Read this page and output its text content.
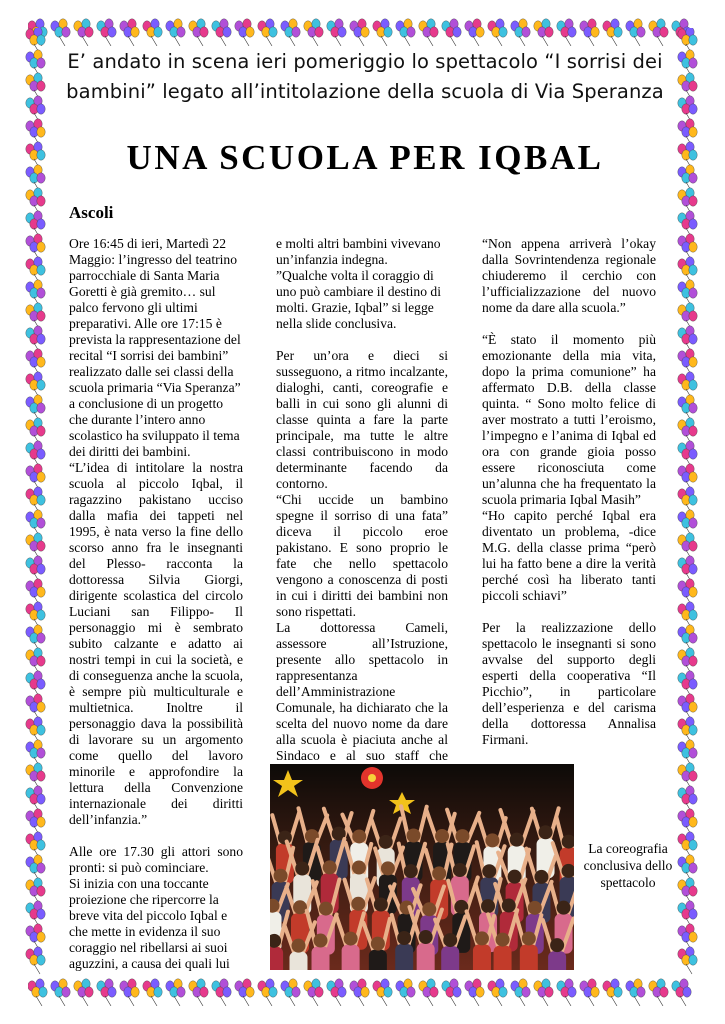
E’ andato in scena ieri pomeriggio lo spettacolo “I sorrisi dei
bambini” legato all’intitolazione della scuola di Via Speranza
UNA SCUOLA PER IQBAL
Ascoli

Ore 16:45 di ieri, Martedì 22 Maggio: l’ingresso del teatrino parrocchiale di Santa Maria Goretti è già gremito… sul palco fervono gli ultimi preparativi. Alle ore 17:15 è prevista la rappresentazione del recital “I sorrisi dei bambini” realizzato dalle sei classi della scuola primaria “Via Speranza” a conclusione di un progetto che durante l’intero anno scolastico ha sviluppato il tema dei diritti dei bambini.

“L’idea di intitolare la nostra scuola al piccolo Iqbal, il ragazzino pakistano ucciso dalla mafia dei tappeti nel 1995, è nata verso la fine dello scorso anno fra le insegnanti del Plesso- racconta la dottoressa Silvia Giorgi, dirigente scolastica del circolo Luciani san Filippo- Il personaggio mi è sembrato subito calzante e adatto ai nostri tempi in cui la società, e di conseguenza anche la scuola, è sempre più multiculturale e multietnica. Inoltre il personaggio dava la possibilità di lavorare su un argomento come quello del lavoro minorile e approfondire la lettura della Convenzione internazionale dei diritti dell’infanzia.”

Alle ore 17.30 gli attori sono pronti: si può cominciare.

Si inizia con una toccante proiezione che ripercorre la breve vita del piccolo Iqbal e che mette in evidenza il suo coraggio nel ribellarsi ai suoi aguzzini, a causa dei quali lui

e molti altri bambini vivevano un’infanzia indegna.

”Qualche volta il coraggio di uno può cambiare il destino di molti. Grazie, Iqbal” si legge nella slide conclusiva.

Per un’ora e dieci si susseguono, a ritmo incalzante, dialoghi, canti, coreografie e balli in cui sono gli alunni di classe quinta a fare la parte principale, ma tutte le altre classi contribuiscono in modo determinante facendo da contorno.

“Chi uccide un bambino spegne il sorriso di una fata” diceva il piccolo eroe pakistano. E sono proprio le fate che nello spettacolo vengono a conoscenza di posti in cui i diritti dei bambini non sono rispettati.

La dottoressa Cameli, assessore all’Istruzione, presente allo spettacolo in rappresentanza dell’Amministrazione Comunale, ha dichiarato che la scelta del nuovo nome da dare alla scuola è piaciuta anche al Sindaco e al suo staff che

“Non appena arriverà l’okay dalla Sovrintendenza regionale chiuderemo il cerchio con l’ufficializzazione del nuovo nome da dare alla scuola.”

“È stato il momento più emozionante della mia vita, dopo la prima comunione” ha affermato D.B. della classe quinta. “ Sono molto felice di aver mostrato a tutti l’eroismo, l’impegno e l’anima di Iqbal ed ora con grande gioia posso essere riconosciuta come un’alunna che ha frequentato la scuola primaria Iqbal Masih”

“Ho capito perché Iqbal era diventato un problema, -dice M.G. della classe prima “però lui ha fatto bene a dire la verità perché così ha liberato tanti piccoli schiavi”

Per la realizzazione dello spettacolo le insegnanti si sono avvalse del supporto degli esperti della cooperativa “Il Picchio”, in particolare dell’esperienza e del carisma della dottoressa Annalisa Firmani.

La coreografia conclusiva dello spettacolo
